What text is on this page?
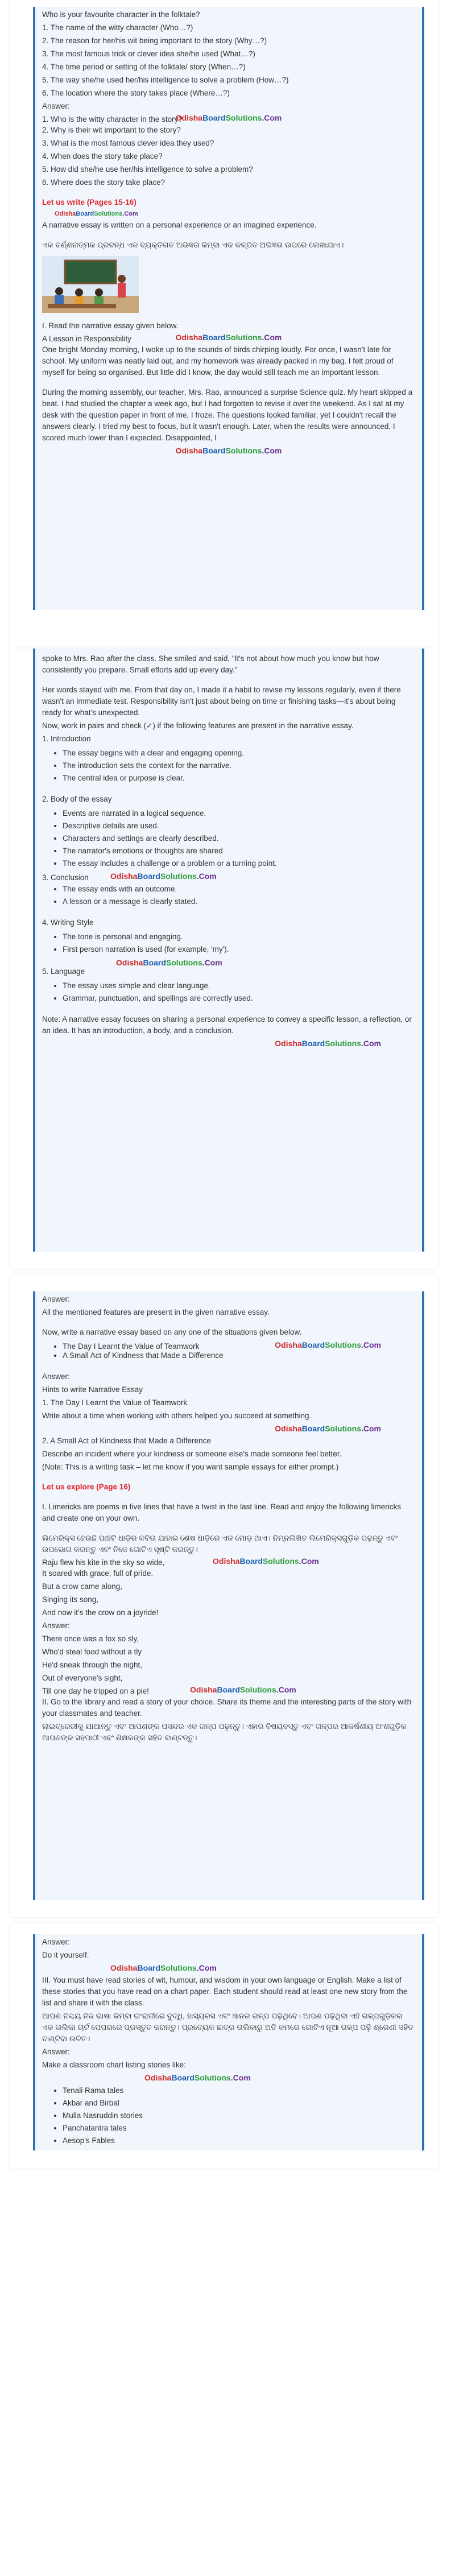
Who is your favourite character in the folktale?

1. The name of the witty character (Who…?)

2. The reason for her/his wit being important to the story (Why…?)

3. The most famous trick or clever idea she/he used (What…?)

4. The time period or setting of the folktale/ story (When…?)

5. The way she/he used her/his intelligence to solve a problem (How…?)

6. The location where the story takes place (Where…?)

Answer:

1. Who is the witty character in the story?

OdishaBoardSolutions.Com

2. Why is their wit important to the story?

3. What is the most famous clever idea they used?

4. When does the story take place?

5. How did she/he use her/his intelligence to solve a problem?

6. Where does the story take place?

Let us write (Pages 15-16)

OdishaBoardSolutions.Com

A narrative essay is written on a personal experience or an imagined experience.

ଏକ ବର୍ଣ୍ଣନାତ୍ମକ ପ୍ରବନ୍ଧ ଏକ ବ୍ୟକ୍ତିଗତ ଅଭିଜ୍ଞତା କିମ୍ବା ଏକ କଳ୍ପିତ ଅଭିଜ୍ଞତା ଉପରେ ଲେଖାଯାଏ।

I. Read the narrative essay given below.

A Lesson in Responsibility	OdishaBoardSolutions.Com

One bright Monday morning, I woke up to the sounds of birds chirping loudly. For once, I wasn't late for school. My uniform was neatly laid out, and my homework was already packed in my bag. I felt proud of myself for being so organised. But little did I know, the day would still teach me an important lesson.

During the morning assembly, our teacher, Mrs. Rao, announced a surprise Science quiz. My heart skipped a beat. I had studied the chapter a week ago, but I had forgotten to revise it over the weekend. As I sat at my desk with the question paper in front of me, I froze. The questions looked familiar, yet I couldn't recall the answers clearly. I tried my best to focus, but it wasn't enough. Later, when the results were announced, I scored much lower than I expected. Disappointed, I

OdishaBoardSolutions.Com

spoke to Mrs. Rao after the class. She smiled and said, "It's not about how much you know but how consistently you prepare. Small efforts add up every day."

Her words stayed with me. From that day on, I made it a habit to revise my lessons regularly, even if there wasn't an immediate test. Responsibility isn't just about being on time or finishing tasks—it's about being ready for what's unexpected.

Now, work in pairs and check (✓) if the following features are present in the narrative essay.

1. Introduction

• The essay begins with a clear and engaging opening.
• The introduction sets the context for the narrative.
• The central idea or purpose is clear.

2. Body of the essay

• Events are narrated in a logical sequence.
• Descriptive details are used.
• Characters and settings are clearly described.
• The narrator's emotions or thoughts are shared
• The essay includes a challenge or a problem or a turning point.

3. Conclusion	OdishaBoardSolutions.Com
• The essay ends with an outcome.
• A lesson or a message is clearly stated.

4. Writing Style

• The tone is personal and engaging.
• First person narration is used (for example, 'my').
OdishaBoardSolutions.Com

5. Language

• The essay uses simple and clear language.
• Grammar, punctuation, and spellings are correctly used.

Note: A narrative essay focuses on sharing a personal experience to convey a specific lesson, a reflection, or an idea. It has an introduction, a body, and a conclusion.

OdishaBoardSolutions.Com

Answer:

All the mentioned features are present in the given narrative essay.

Now, write a narrative essay based on any one of the situations given below.

• The Day I Learnt the Value of Teamwork	OdishaBoardSolutions.Com
• A Small Act of Kindness that Made a Difference

Answer:

Hints to write Narrative Essay

1. The Day I Learnt the Value of Teamwork

Write about a time when working with others helped you succeed at something.

OdishaBoardSolutions.Com

2. A Small Act of Kindness that Made a Difference

Describe an incident where your kindness or someone else's made someone feel better.

(Note: This is a writing task – let me know if you want sample essays for either prompt.)

Let us explore (Page 16)

I. Limericks are poems in five lines that have a twist in the last line. Read and enjoy the following limericks and create one on your own.

ଲିମେରିକ୍ସ ହେଉଛି ପାଞ୍ଚଟି ଧାଡ଼ିର କବିତା ଯାହାର ଶେଷ ଧାଡ଼ିରେ ଏକ ମୋଡ଼ ଥାଏ। ନିମ୍ନଲିଖିତ ଲିମେରିକ୍ସଗୁଡ଼ିକ ପଢ଼ନ୍ତୁ ଏବଂ ଉପଭୋଗ କରନ୍ତୁ ଏବଂ ନିଜେ ଗୋଟିଏ ସୃଷ୍ଟି କରନ୍ତୁ।

Raju flew his kite in the sky so wide,	OdishaBoardSolutions.Com

It soared with grace; full of pride.

But a crow came along,

Singing its song,

And now it's the crow on a joyride!

Answer:

There once was a fox so sly,

Who'd steal food without a tly

He'd sneak through the night,

Out of everyone's sight,

Till one day he tripped on a pie!	OdishaBoardSolutions.Com

II. Go to the library and read a story of your choice. Share its theme and the interesting parts of the story with your classmates and teacher.

ଲାଇବ୍ରେରୀକୁ ଯାଆନ୍ତୁ ଏବଂ ଆପଣଙ୍କ ପସନ୍ଦର ଏକ ଗଳ୍ପ ପଢ଼ନ୍ତୁ। ଏହାର ବିଷୟବସ୍ତୁ ଏବଂ ଗଳ୍ପର ଆକର୍ଷଣୀୟ ଅଂଶଗୁଡ଼ିକ ଆପଣଙ୍କ ସହପାଠୀ ଏବଂ ଶିକ୍ଷକଙ୍କ ସହିତ ବାଣ୍ଟନ୍ତୁ।

Answer:

Do it yourself.

OdishaBoardSolutions.Com

III. You must have read stories of wit, humour, and wisdom in your own language or English. Make a list of these stories that you have read on a chart paper. Each student should read at least one new story from the list and share it with the class.

ଆପଣ ନିଶ୍ଚୟ ନିଜ ଭାଷା କିମ୍ବା ଇଂରାଜୀରେ ବୁଦ୍ଧି, ହାସ୍ୟରସ ଏବଂ ଜ୍ଞାନର ଗଳ୍ପ ପଢ଼ିଥିବେ। ଆପଣ ପଢ଼ିଥିବା ଏହି ଗଳ୍ପଗୁଡ଼ିକର ଏକ ତାଲିକା ଚାର୍ଟ ପେପରରେ ପ୍ରସ୍ତୁତ କରନ୍ତୁ। ପ୍ରତ୍ୟେକ ଛାତ୍ର ତାଲିକାରୁ ଅତି କମରେ ଗୋଟିଏ ନୂଆ ଗଳ୍ପ ପଢ଼ି ଶ୍ରେଣୀ ସହିତ ବାଣ୍ଟିବା ଉଚିତ।

Answer:

Make a classroom chart listing stories like:

OdishaBoardSolutions.Com
• Tenali Rama tales
• Akbar and Birbal
• Mulla Nasruddin stories
• Panchatantra tales
• Aesop's Fables
